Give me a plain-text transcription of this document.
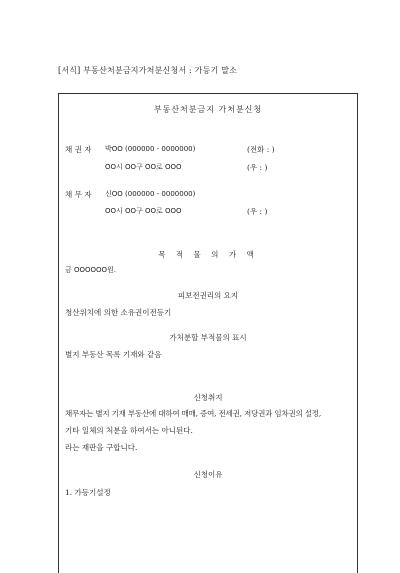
[서식] 부동산처분금지가처분신청서 : 가등기 말소
부동산처분금지 가처분신청
채 권 자 박OO (000000 - 0000000)	(전화 : )
OO시 OO구 OO로 OOO	(우 : )
채 무 자 신OO (000000 - 0000000)
OO시 OO구 OO로 OOO	(우 : )
목 적 물 의 가 액
금 OOOOOO원.
피보전권리의 요지
청산위치에 의한 소유권이전등기
가처분할 부적물의 표시
별지 부동산 목록 기재와 같음
신청취지
채무자는 별지 기재 부동산에 대하여 매매, 증여, 전세권, 저당권과 임차권의 설정,
기타 일체의 처분을 하여서는 아니된다.
라는 재판을 구합니다.
신청이유
1. 가등기설정
